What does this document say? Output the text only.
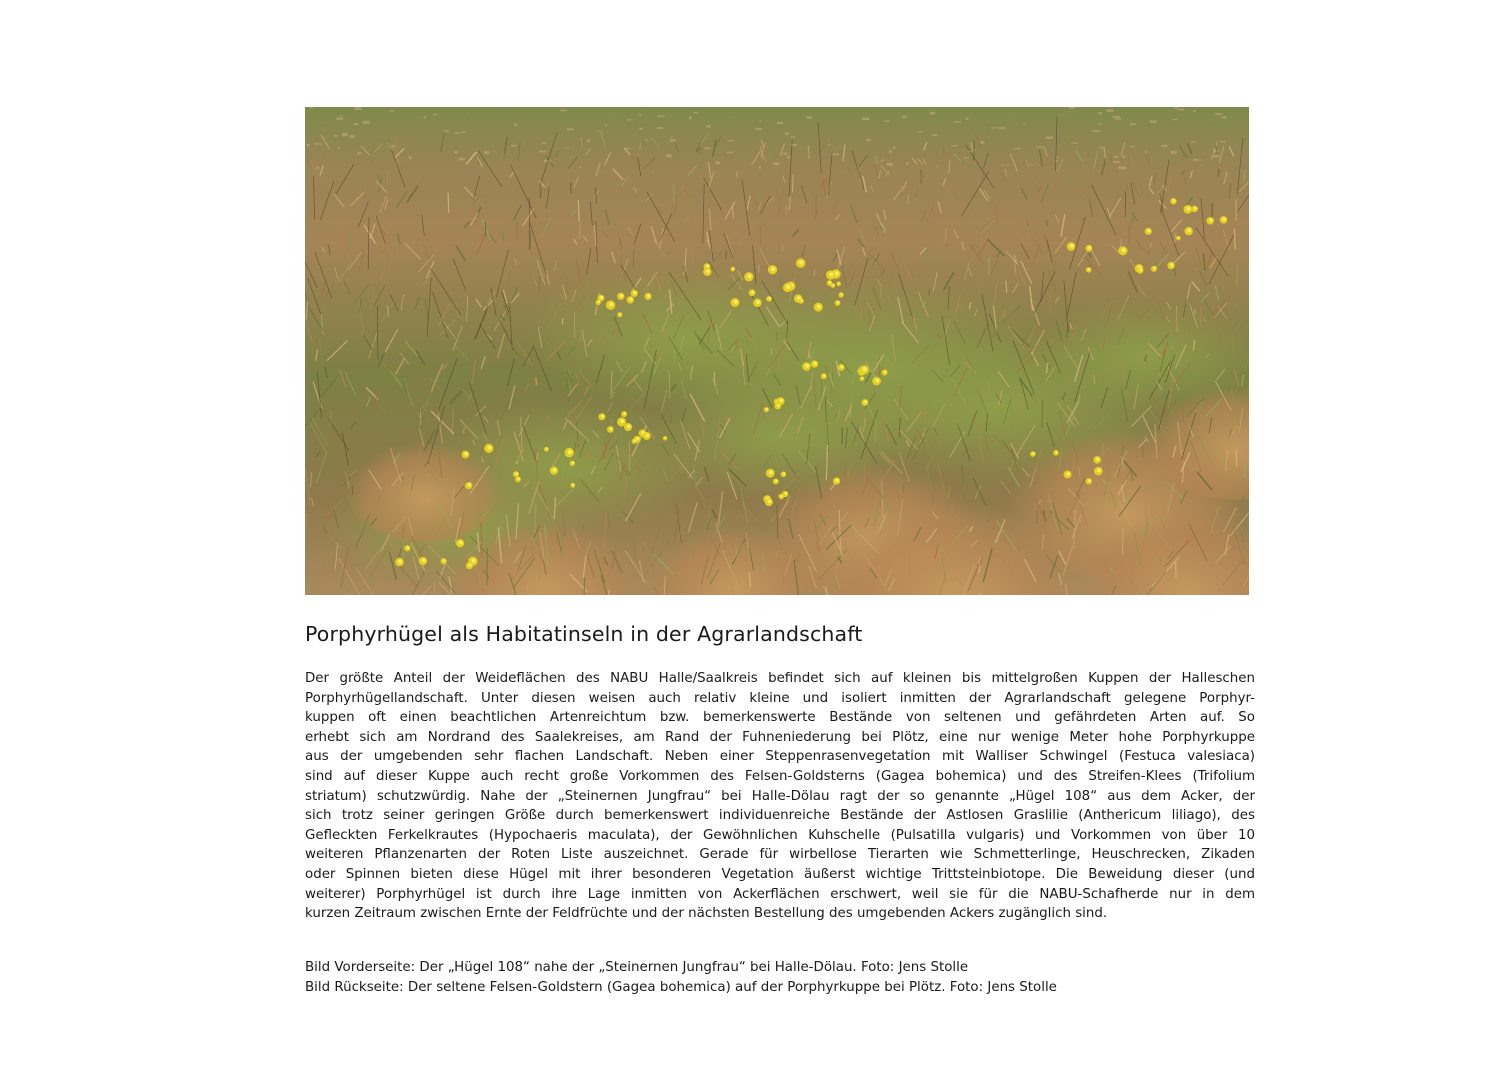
Porphyrhügel als Habitatinseln in der Agrarlandschaft

Der größte Anteil der Weideflächen des NABU Halle/Saalkreis befindet sich auf kleinen bis mittelgroßen Kuppen der Halleschen
Porphyrhügellandschaft. Unter diesen weisen auch relativ kleine und isoliert inmitten der Agrarlandschaft gelegene Porphyr-
kuppen oft einen beachtlichen Artenreichtum bzw. bemerkenswerte Bestände von seltenen und gefährdeten Arten auf. So
erhebt sich am Nordrand des Saalekreises, am Rand der Fuhneniederung bei Plötz, eine nur wenige Meter hohe Porphyrkuppe
aus der umgebenden sehr flachen Landschaft. Neben einer Steppenrasenvegetation mit Walliser Schwingel (Festuca valesiaca)
sind auf dieser Kuppe auch recht große Vorkommen des Felsen-Goldsterns (Gagea bohemica) und des Streifen-Klees (Trifolium
striatum) schutzwürdig. Nahe der „Steinernen Jungfrau“ bei Halle-Dölau ragt der so genannte „Hügel 108“ aus dem Acker, der
sich trotz seiner geringen Größe durch bemerkenswert individuenreiche Bestände der Astlosen Graslilie (Anthericum liliago), des
Gefleckten Ferkelkrautes (Hypochaeris maculata), der Gewöhnlichen Kuhschelle (Pulsatilla vulgaris) und Vorkommen von über 10
weiteren Pflanzenarten der Roten Liste auszeichnet. Gerade für wirbellose Tierarten wie Schmetterlinge, Heuschrecken, Zikaden
oder Spinnen bieten diese Hügel mit ihrer besonderen Vegetation äußerst wichtige Trittsteinbiotope. Die Beweidung dieser (und
weiterer) Porphyrhügel ist durch ihre Lage inmitten von Ackerflächen erschwert, weil sie für die NABU-Schafherde nur in dem
kurzen Zeitraum zwischen Ernte der Feldfrüchte und der nächsten Bestellung des umgebenden Ackers zugänglich sind.

Bild Vorderseite: Der „Hügel 108“ nahe der „Steinernen Jungfrau“ bei Halle-Dölau. Foto: Jens Stolle
Bild Rückseite: Der seltene Felsen-Goldstern (Gagea bohemica) auf der Porphyrkuppe bei Plötz. Foto: Jens Stolle
